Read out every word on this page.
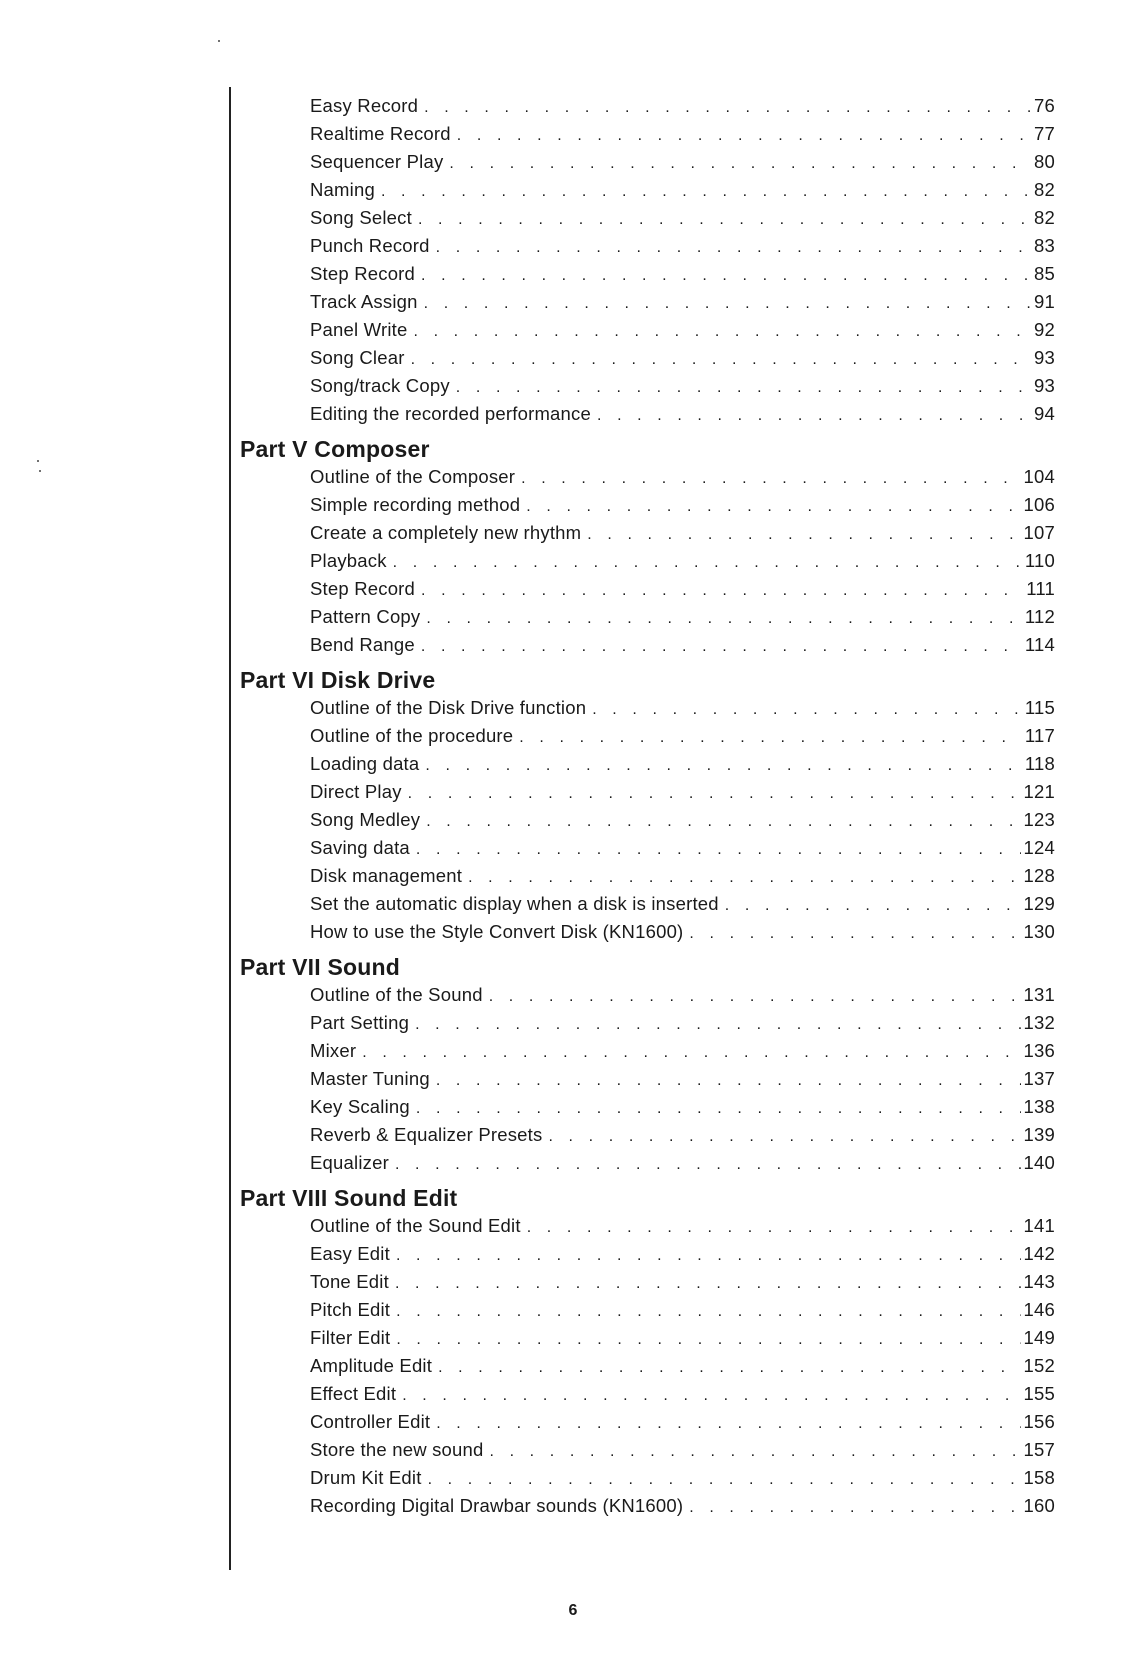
Easy Record . . .	76
Realtime Record . . .	77
Sequencer Play . . .	80
Naming . . .	82
Song Select . . .	82
Punch Record . . .	83
Step Record . . .	85
Track Assign . . .	91
Panel Write . . .	92
Song Clear . . .	93
Song/track Copy . . .	93
Editing the recorded performance . . .	94
Part V Composer
Outline of the Composer . . .	104
Simple recording method . . .	106
Create a completely new rhythm . . .	107
Playback . . .	110
Step Record . . .	111
Pattern Copy . . .	112
Bend Range . . .	114
Part VI Disk Drive
Outline of the Disk Drive function . . .	115
Outline of the procedure . . .	117
Loading data . . .	118
Direct Play . . .	121
Song Medley . . .	123
Saving data . . .	124
Disk management . . .	128
Set the automatic display when a disk is inserted . . .	129
How to use the Style Convert Disk (KN1600) . . .	130
Part VII Sound
Outline of the Sound . . .	131
Part Setting . . .	132
Mixer . . .	136
Master Tuning . . .	137
Key Scaling . . .	138
Reverb & Equalizer Presets . . .	139
Equalizer . . .	140
Part VIII Sound Edit
Outline of the Sound Edit . . .	141
Easy Edit . . .	142
Tone Edit . . .	143
Pitch Edit . . .	146
Filter Edit . . .	149
Amplitude Edit . . .	152
Effect Edit . . .	155
Controller Edit . . .	156
Store the new sound . . .	157
Drum Kit Edit . . .	158
Recording Digital Drawbar sounds (KN1600) . . .	160
6
